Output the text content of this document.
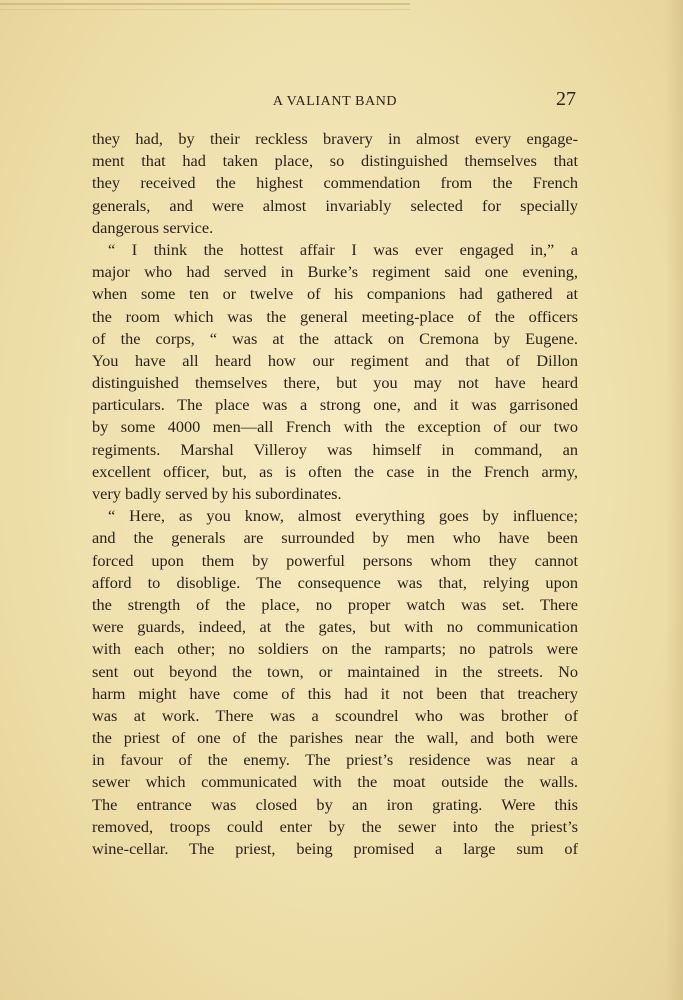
A VALIANT BAND	27
they had, by their reckless bravery in almost every engage-
ment that had taken place, so distinguished themselves that
they received the highest commendation from the French
generals, and were almost invariably selected for specially
dangerous service.
“ I think the hottest affair I was ever engaged in,” a
major who had served in Burke’s regiment said one evening,
when some ten or twelve of his companions had gathered at
the room which was the general meeting-place of the officers
of the corps, “ was at the attack on Cremona by Eugene.
You have all heard how our regiment and that of Dillon
distinguished themselves there, but you may not have heard
particulars. The place was a strong one, and it was garrisoned
by some 4000 men—all French with the exception of our two
regiments. Marshal Villeroy was himself in command, an
excellent officer, but, as is often the case in the French army,
very badly served by his subordinates.
“ Here, as you know, almost everything goes by influence;
and the generals are surrounded by men who have been
forced upon them by powerful persons whom they cannot
afford to disoblige. The consequence was that, relying upon
the strength of the place, no proper watch was set. There
were guards, indeed, at the gates, but with no communication
with each other; no soldiers on the ramparts; no patrols were
sent out beyond the town, or maintained in the streets. No
harm might have come of this had it not been that treachery
was at work. There was a scoundrel who was brother of
the priest of one of the parishes near the wall, and both were
in favour of the enemy. The priest’s residence was near a
sewer which communicated with the moat outside the walls.
The entrance was closed by an iron grating. Were this
removed, troops could enter by the sewer into the priest’s
wine-cellar. The priest, being promised a large sum of
